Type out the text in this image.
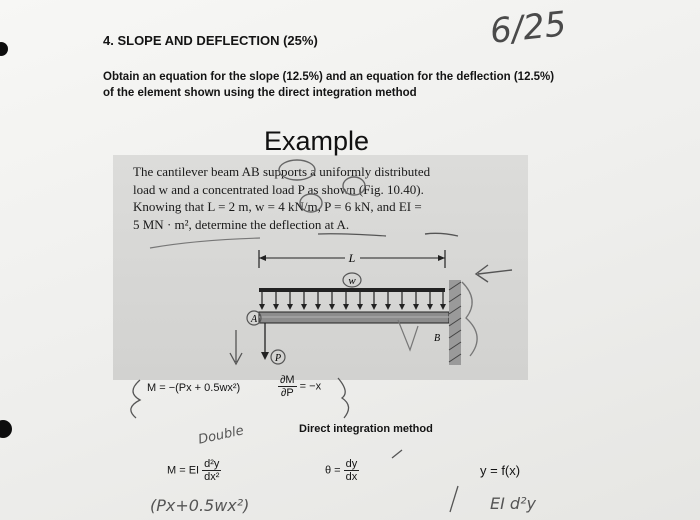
6/25
4. SLOPE AND DEFLECTION (25%)
Obtain an equation for the slope (12.5%) and an equation for the deflection (12.5%)
of the element shown using the direct integration method
Example
The cantilever beam AB supports a uniformly distributed
load w and a concentrated load P as shown (Fig. 10.40).
Knowing that L = 2 m, w = 4 kN/m, P = 6 kN, and EI =
5 MN · m², determine the deflection at A.
L
w
A
B
P
M = −(Px + 0.5wx²)	$\frac{\partial M}{\partial P} = -x$
Direct integration method
M = EI $\frac{\text{d²y}}{\text{dx²}}$	$\theta = \frac{dy}{dx}$	y = f(x)
Double
(Px+0.5wx²)	EI d²y
